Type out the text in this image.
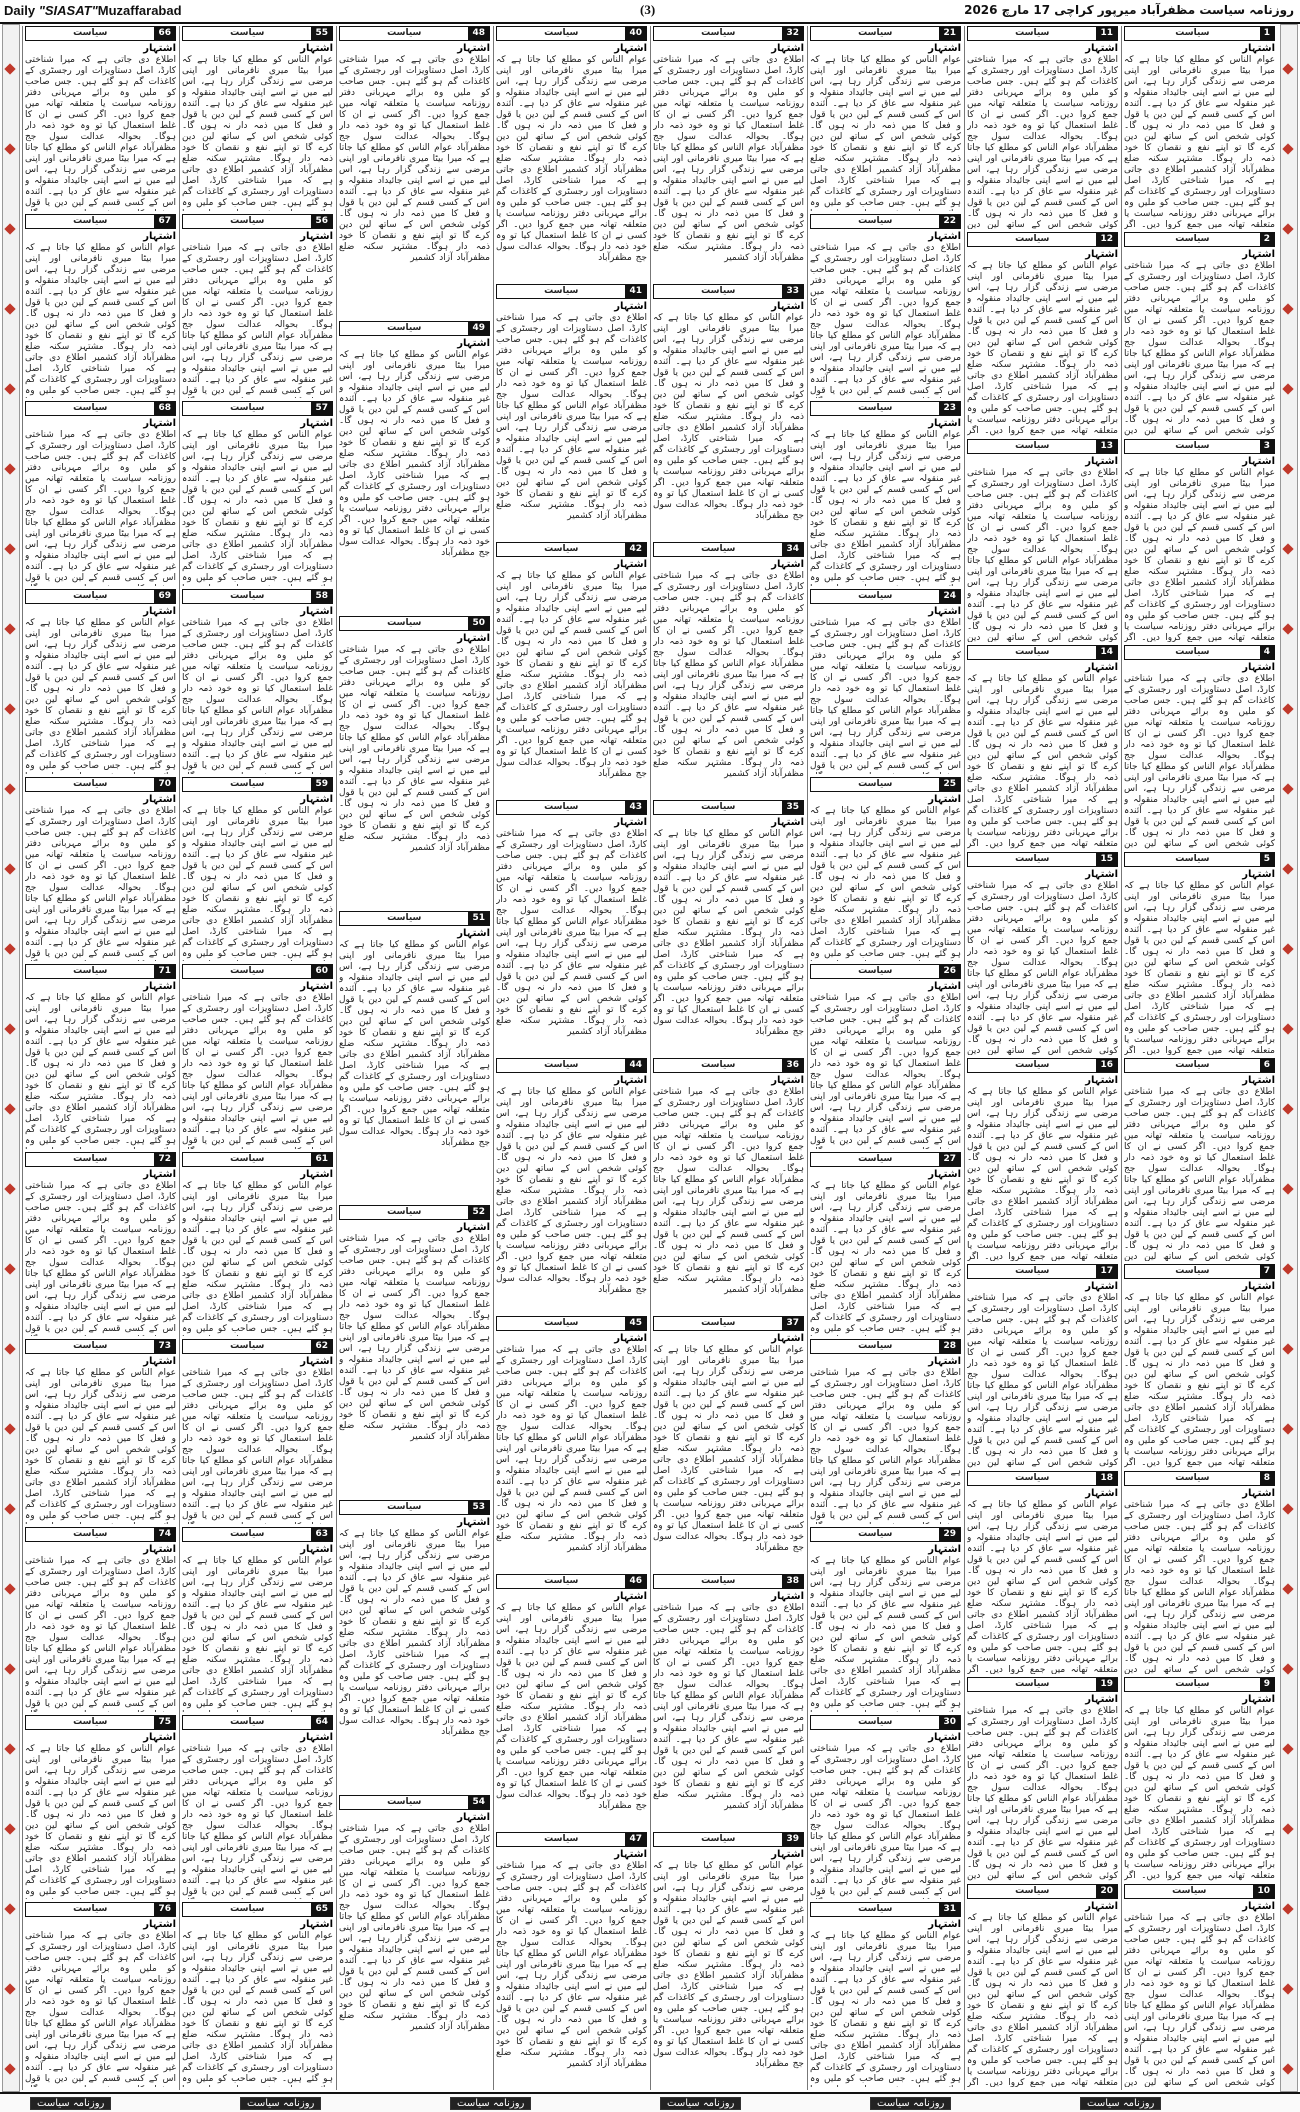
Daily "SIASAT"Muzaffarabad	(3)	روزنامہ سیاست مظفرآباد میرپور کراچی 17 مارچ 2026
سیاست	1
اشتہار
عوام الناس کو مطلع کیا جاتا ہے کہ میرا بیٹا میری نافرمانی اور اپنی مرضی سے زندگی گزار رہا ہے، اس لیے میں نے اسے اپنی جائیداد منقولہ و غیر منقولہ سے عاق کر دیا ہے۔ آئندہ اس کے کسی قسم کے لین دین یا قول و فعل کا میں ذمہ دار نہ ہوں گا۔ کوئی شخص اس کے ساتھ لین دین کرے گا تو اپنے نفع و نقصان کا خود ذمہ دار ہوگا۔ مشتہر سکنہ ضلع مظفرآباد آزاد کشمیر اطلاع دی جاتی ہے کہ میرا شناختی کارڈ، اصل دستاویزات اور رجسٹری کے کاغذات گم ہو گئے ہیں۔ جس صاحب کو ملیں وہ برائے مہربانی دفتر روزنامہ سیاست یا متعلقہ تھانہ میں جمع کروا دیں۔ اگر
سیاست	2
اشتہار
اطلاع دی جاتی ہے کہ میرا شناختی کارڈ، اصل دستاویزات اور رجسٹری کے کاغذات گم ہو گئے ہیں۔ جس صاحب کو ملیں وہ برائے مہربانی دفتر روزنامہ سیاست یا متعلقہ تھانہ میں جمع کروا دیں۔ اگر کسی نے ان کا غلط استعمال کیا تو وہ خود ذمہ دار ہوگا۔ بحوالہ عدالت سول جج مظفرآباد عوام الناس کو مطلع کیا جاتا ہے کہ میرا بیٹا میری نافرمانی اور اپنی مرضی سے زندگی گزار رہا ہے، اس لیے میں نے اسے اپنی جائیداد منقولہ و غیر منقولہ سے عاق کر دیا ہے۔ آئندہ اس کے کسی قسم کے لین دین یا قول و فعل کا میں ذمہ دار نہ ہوں گا۔ کوئی شخص اس کے ساتھ لین دین
سیاست	3
اشتہار
عوام الناس کو مطلع کیا جاتا ہے کہ میرا بیٹا میری نافرمانی اور اپنی مرضی سے زندگی گزار رہا ہے، اس لیے میں نے اسے اپنی جائیداد منقولہ و غیر منقولہ سے عاق کر دیا ہے۔ آئندہ اس کے کسی قسم کے لین دین یا قول و فعل کا میں ذمہ دار نہ ہوں گا۔ کوئی شخص اس کے ساتھ لین دین کرے گا تو اپنے نفع و نقصان کا خود ذمہ دار ہوگا۔ مشتہر سکنہ ضلع مظفرآباد آزاد کشمیر اطلاع دی جاتی ہے کہ میرا شناختی کارڈ، اصل دستاویزات اور رجسٹری کے کاغذات گم ہو گئے ہیں۔ جس صاحب کو ملیں وہ برائے مہربانی دفتر روزنامہ سیاست یا متعلقہ تھانہ میں جمع کروا دیں۔ اگر
سیاست	4
اشتہار
اطلاع دی جاتی ہے کہ میرا شناختی کارڈ، اصل دستاویزات اور رجسٹری کے کاغذات گم ہو گئے ہیں۔ جس صاحب کو ملیں وہ برائے مہربانی دفتر روزنامہ سیاست یا متعلقہ تھانہ میں جمع کروا دیں۔ اگر کسی نے ان کا غلط استعمال کیا تو وہ خود ذمہ دار ہوگا۔ بحوالہ عدالت سول جج مظفرآباد عوام الناس کو مطلع کیا جاتا ہے کہ میرا بیٹا میری نافرمانی اور اپنی مرضی سے زندگی گزار رہا ہے، اس لیے میں نے اسے اپنی جائیداد منقولہ و غیر منقولہ سے عاق کر دیا ہے۔ آئندہ اس کے کسی قسم کے لین دین یا قول و فعل کا میں ذمہ دار نہ ہوں گا۔ کوئی شخص اس کے ساتھ لین دین
سیاست	5
اشتہار
عوام الناس کو مطلع کیا جاتا ہے کہ میرا بیٹا میری نافرمانی اور اپنی مرضی سے زندگی گزار رہا ہے، اس لیے میں نے اسے اپنی جائیداد منقولہ و غیر منقولہ سے عاق کر دیا ہے۔ آئندہ اس کے کسی قسم کے لین دین یا قول و فعل کا میں ذمہ دار نہ ہوں گا۔ کوئی شخص اس کے ساتھ لین دین کرے گا تو اپنے نفع و نقصان کا خود ذمہ دار ہوگا۔ مشتہر سکنہ ضلع مظفرآباد آزاد کشمیر اطلاع دی جاتی ہے کہ میرا شناختی کارڈ، اصل دستاویزات اور رجسٹری کے کاغذات گم ہو گئے ہیں۔ جس صاحب کو ملیں وہ برائے مہربانی دفتر روزنامہ سیاست یا متعلقہ تھانہ میں جمع کروا دیں۔ اگر
سیاست	6
اشتہار
اطلاع دی جاتی ہے کہ میرا شناختی کارڈ، اصل دستاویزات اور رجسٹری کے کاغذات گم ہو گئے ہیں۔ جس صاحب کو ملیں وہ برائے مہربانی دفتر روزنامہ سیاست یا متعلقہ تھانہ میں جمع کروا دیں۔ اگر کسی نے ان کا غلط استعمال کیا تو وہ خود ذمہ دار ہوگا۔ بحوالہ عدالت سول جج مظفرآباد عوام الناس کو مطلع کیا جاتا ہے کہ میرا بیٹا میری نافرمانی اور اپنی مرضی سے زندگی گزار رہا ہے، اس لیے میں نے اسے اپنی جائیداد منقولہ و غیر منقولہ سے عاق کر دیا ہے۔ آئندہ اس کے کسی قسم کے لین دین یا قول و فعل کا میں ذمہ دار نہ ہوں گا۔ کوئی شخص اس کے ساتھ لین دین
سیاست	7
اشتہار
عوام الناس کو مطلع کیا جاتا ہے کہ میرا بیٹا میری نافرمانی اور اپنی مرضی سے زندگی گزار رہا ہے، اس لیے میں نے اسے اپنی جائیداد منقولہ و غیر منقولہ سے عاق کر دیا ہے۔ آئندہ اس کے کسی قسم کے لین دین یا قول و فعل کا میں ذمہ دار نہ ہوں گا۔ کوئی شخص اس کے ساتھ لین دین کرے گا تو اپنے نفع و نقصان کا خود ذمہ دار ہوگا۔ مشتہر سکنہ ضلع مظفرآباد آزاد کشمیر اطلاع دی جاتی ہے کہ میرا شناختی کارڈ، اصل دستاویزات اور رجسٹری کے کاغذات گم ہو گئے ہیں۔ جس صاحب کو ملیں وہ برائے مہربانی دفتر روزنامہ سیاست یا متعلقہ تھانہ میں جمع کروا دیں۔ اگر
سیاست	8
اشتہار
اطلاع دی جاتی ہے کہ میرا شناختی کارڈ، اصل دستاویزات اور رجسٹری کے کاغذات گم ہو گئے ہیں۔ جس صاحب کو ملیں وہ برائے مہربانی دفتر روزنامہ سیاست یا متعلقہ تھانہ میں جمع کروا دیں۔ اگر کسی نے ان کا غلط استعمال کیا تو وہ خود ذمہ دار ہوگا۔ بحوالہ عدالت سول جج مظفرآباد عوام الناس کو مطلع کیا جاتا ہے کہ میرا بیٹا میری نافرمانی اور اپنی مرضی سے زندگی گزار رہا ہے، اس لیے میں نے اسے اپنی جائیداد منقولہ و غیر منقولہ سے عاق کر دیا ہے۔ آئندہ اس کے کسی قسم کے لین دین یا قول و فعل کا میں ذمہ دار نہ ہوں گا۔ کوئی شخص اس کے ساتھ لین دین
سیاست	9
اشتہار
عوام الناس کو مطلع کیا جاتا ہے کہ میرا بیٹا میری نافرمانی اور اپنی مرضی سے زندگی گزار رہا ہے، اس لیے میں نے اسے اپنی جائیداد منقولہ و غیر منقولہ سے عاق کر دیا ہے۔ آئندہ اس کے کسی قسم کے لین دین یا قول و فعل کا میں ذمہ دار نہ ہوں گا۔ کوئی شخص اس کے ساتھ لین دین کرے گا تو اپنے نفع و نقصان کا خود ذمہ دار ہوگا۔ مشتہر سکنہ ضلع مظفرآباد آزاد کشمیر اطلاع دی جاتی ہے کہ میرا شناختی کارڈ، اصل دستاویزات اور رجسٹری کے کاغذات گم ہو گئے ہیں۔ جس صاحب کو ملیں وہ برائے مہربانی دفتر روزنامہ سیاست یا متعلقہ تھانہ میں جمع کروا دیں۔ اگر
سیاست	10
اشتہار
اطلاع دی جاتی ہے کہ میرا شناختی کارڈ، اصل دستاویزات اور رجسٹری کے کاغذات گم ہو گئے ہیں۔ جس صاحب کو ملیں وہ برائے مہربانی دفتر روزنامہ سیاست یا متعلقہ تھانہ میں جمع کروا دیں۔ اگر کسی نے ان کا غلط استعمال کیا تو وہ خود ذمہ دار ہوگا۔ بحوالہ عدالت سول جج مظفرآباد عوام الناس کو مطلع کیا جاتا ہے کہ میرا بیٹا میری نافرمانی اور اپنی مرضی سے زندگی گزار رہا ہے، اس لیے میں نے اسے اپنی جائیداد منقولہ و غیر منقولہ سے عاق کر دیا ہے۔ آئندہ اس کے کسی قسم کے لین دین یا قول و فعل کا میں ذمہ دار نہ ہوں گا۔ کوئی شخص اس کے ساتھ لین دین
سیاست	11
اشتہار
اطلاع دی جاتی ہے کہ میرا شناختی کارڈ، اصل دستاویزات اور رجسٹری کے کاغذات گم ہو گئے ہیں۔ جس صاحب کو ملیں وہ برائے مہربانی دفتر روزنامہ سیاست یا متعلقہ تھانہ میں جمع کروا دیں۔ اگر کسی نے ان کا غلط استعمال کیا تو وہ خود ذمہ دار ہوگا۔ بحوالہ عدالت سول جج مظفرآباد عوام الناس کو مطلع کیا جاتا ہے کہ میرا بیٹا میری نافرمانی اور اپنی مرضی سے زندگی گزار رہا ہے، اس لیے میں نے اسے اپنی جائیداد منقولہ و غیر منقولہ سے عاق کر دیا ہے۔ آئندہ اس کے کسی قسم کے لین دین یا قول و فعل کا میں ذمہ دار نہ ہوں گا۔ کوئی شخص اس کے ساتھ لین دین
سیاست	12
اشتہار
عوام الناس کو مطلع کیا جاتا ہے کہ میرا بیٹا میری نافرمانی اور اپنی مرضی سے زندگی گزار رہا ہے، اس لیے میں نے اسے اپنی جائیداد منقولہ و غیر منقولہ سے عاق کر دیا ہے۔ آئندہ اس کے کسی قسم کے لین دین یا قول و فعل کا میں ذمہ دار نہ ہوں گا۔ کوئی شخص اس کے ساتھ لین دین کرے گا تو اپنے نفع و نقصان کا خود ذمہ دار ہوگا۔ مشتہر سکنہ ضلع مظفرآباد آزاد کشمیر اطلاع دی جاتی ہے کہ میرا شناختی کارڈ، اصل دستاویزات اور رجسٹری کے کاغذات گم ہو گئے ہیں۔ جس صاحب کو ملیں وہ برائے مہربانی دفتر روزنامہ سیاست یا متعلقہ تھانہ میں جمع کروا دیں۔ اگر
سیاست	13
اشتہار
اطلاع دی جاتی ہے کہ میرا شناختی کارڈ، اصل دستاویزات اور رجسٹری کے کاغذات گم ہو گئے ہیں۔ جس صاحب کو ملیں وہ برائے مہربانی دفتر روزنامہ سیاست یا متعلقہ تھانہ میں جمع کروا دیں۔ اگر کسی نے ان کا غلط استعمال کیا تو وہ خود ذمہ دار ہوگا۔ بحوالہ عدالت سول جج مظفرآباد عوام الناس کو مطلع کیا جاتا ہے کہ میرا بیٹا میری نافرمانی اور اپنی مرضی سے زندگی گزار رہا ہے، اس لیے میں نے اسے اپنی جائیداد منقولہ و غیر منقولہ سے عاق کر دیا ہے۔ آئندہ اس کے کسی قسم کے لین دین یا قول و فعل کا میں ذمہ دار نہ ہوں گا۔ کوئی شخص اس کے ساتھ لین دین
سیاست	14
اشتہار
عوام الناس کو مطلع کیا جاتا ہے کہ میرا بیٹا میری نافرمانی اور اپنی مرضی سے زندگی گزار رہا ہے، اس لیے میں نے اسے اپنی جائیداد منقولہ و غیر منقولہ سے عاق کر دیا ہے۔ آئندہ اس کے کسی قسم کے لین دین یا قول و فعل کا میں ذمہ دار نہ ہوں گا۔ کوئی شخص اس کے ساتھ لین دین کرے گا تو اپنے نفع و نقصان کا خود ذمہ دار ہوگا۔ مشتہر سکنہ ضلع مظفرآباد آزاد کشمیر اطلاع دی جاتی ہے کہ میرا شناختی کارڈ، اصل دستاویزات اور رجسٹری کے کاغذات گم ہو گئے ہیں۔ جس صاحب کو ملیں وہ برائے مہربانی دفتر روزنامہ سیاست یا متعلقہ تھانہ میں جمع کروا دیں۔ اگر
سیاست	15
اشتہار
اطلاع دی جاتی ہے کہ میرا شناختی کارڈ، اصل دستاویزات اور رجسٹری کے کاغذات گم ہو گئے ہیں۔ جس صاحب کو ملیں وہ برائے مہربانی دفتر روزنامہ سیاست یا متعلقہ تھانہ میں جمع کروا دیں۔ اگر کسی نے ان کا غلط استعمال کیا تو وہ خود ذمہ دار ہوگا۔ بحوالہ عدالت سول جج مظفرآباد عوام الناس کو مطلع کیا جاتا ہے کہ میرا بیٹا میری نافرمانی اور اپنی مرضی سے زندگی گزار رہا ہے، اس لیے میں نے اسے اپنی جائیداد منقولہ و غیر منقولہ سے عاق کر دیا ہے۔ آئندہ اس کے کسی قسم کے لین دین یا قول و فعل کا میں ذمہ دار نہ ہوں گا۔ کوئی شخص اس کے ساتھ لین دین
سیاست	16
اشتہار
عوام الناس کو مطلع کیا جاتا ہے کہ میرا بیٹا میری نافرمانی اور اپنی مرضی سے زندگی گزار رہا ہے، اس لیے میں نے اسے اپنی جائیداد منقولہ و غیر منقولہ سے عاق کر دیا ہے۔ آئندہ اس کے کسی قسم کے لین دین یا قول و فعل کا میں ذمہ دار نہ ہوں گا۔ کوئی شخص اس کے ساتھ لین دین کرے گا تو اپنے نفع و نقصان کا خود ذمہ دار ہوگا۔ مشتہر سکنہ ضلع مظفرآباد آزاد کشمیر اطلاع دی جاتی ہے کہ میرا شناختی کارڈ، اصل دستاویزات اور رجسٹری کے کاغذات گم ہو گئے ہیں۔ جس صاحب کو ملیں وہ برائے مہربانی دفتر روزنامہ سیاست یا متعلقہ تھانہ میں جمع کروا دیں۔ اگر
سیاست	17
اشتہار
اطلاع دی جاتی ہے کہ میرا شناختی کارڈ، اصل دستاویزات اور رجسٹری کے کاغذات گم ہو گئے ہیں۔ جس صاحب کو ملیں وہ برائے مہربانی دفتر روزنامہ سیاست یا متعلقہ تھانہ میں جمع کروا دیں۔ اگر کسی نے ان کا غلط استعمال کیا تو وہ خود ذمہ دار ہوگا۔ بحوالہ عدالت سول جج مظفرآباد عوام الناس کو مطلع کیا جاتا ہے کہ میرا بیٹا میری نافرمانی اور اپنی مرضی سے زندگی گزار رہا ہے، اس لیے میں نے اسے اپنی جائیداد منقولہ و غیر منقولہ سے عاق کر دیا ہے۔ آئندہ اس کے کسی قسم کے لین دین یا قول و فعل کا میں ذمہ دار نہ ہوں گا۔ کوئی شخص اس کے ساتھ لین دین
سیاست	18
اشتہار
عوام الناس کو مطلع کیا جاتا ہے کہ میرا بیٹا میری نافرمانی اور اپنی مرضی سے زندگی گزار رہا ہے، اس لیے میں نے اسے اپنی جائیداد منقولہ و غیر منقولہ سے عاق کر دیا ہے۔ آئندہ اس کے کسی قسم کے لین دین یا قول و فعل کا میں ذمہ دار نہ ہوں گا۔ کوئی شخص اس کے ساتھ لین دین کرے گا تو اپنے نفع و نقصان کا خود ذمہ دار ہوگا۔ مشتہر سکنہ ضلع مظفرآباد آزاد کشمیر اطلاع دی جاتی ہے کہ میرا شناختی کارڈ، اصل دستاویزات اور رجسٹری کے کاغذات گم ہو گئے ہیں۔ جس صاحب کو ملیں وہ برائے مہربانی دفتر روزنامہ سیاست یا متعلقہ تھانہ میں جمع کروا دیں۔ اگر
سیاست	19
اشتہار
اطلاع دی جاتی ہے کہ میرا شناختی کارڈ، اصل دستاویزات اور رجسٹری کے کاغذات گم ہو گئے ہیں۔ جس صاحب کو ملیں وہ برائے مہربانی دفتر روزنامہ سیاست یا متعلقہ تھانہ میں جمع کروا دیں۔ اگر کسی نے ان کا غلط استعمال کیا تو وہ خود ذمہ دار ہوگا۔ بحوالہ عدالت سول جج مظفرآباد عوام الناس کو مطلع کیا جاتا ہے کہ میرا بیٹا میری نافرمانی اور اپنی مرضی سے زندگی گزار رہا ہے، اس لیے میں نے اسے اپنی جائیداد منقولہ و غیر منقولہ سے عاق کر دیا ہے۔ آئندہ اس کے کسی قسم کے لین دین یا قول و فعل کا میں ذمہ دار نہ ہوں گا۔ کوئی شخص اس کے ساتھ لین دین
سیاست	20
اشتہار
عوام الناس کو مطلع کیا جاتا ہے کہ میرا بیٹا میری نافرمانی اور اپنی مرضی سے زندگی گزار رہا ہے، اس لیے میں نے اسے اپنی جائیداد منقولہ و غیر منقولہ سے عاق کر دیا ہے۔ آئندہ اس کے کسی قسم کے لین دین یا قول و فعل کا میں ذمہ دار نہ ہوں گا۔ کوئی شخص اس کے ساتھ لین دین کرے گا تو اپنے نفع و نقصان کا خود ذمہ دار ہوگا۔ مشتہر سکنہ ضلع مظفرآباد آزاد کشمیر اطلاع دی جاتی ہے کہ میرا شناختی کارڈ، اصل دستاویزات اور رجسٹری کے کاغذات گم ہو گئے ہیں۔ جس صاحب کو ملیں وہ برائے مہربانی دفتر روزنامہ سیاست یا متعلقہ تھانہ میں جمع کروا دیں۔ اگر
سیاست	21
اشتہار
عوام الناس کو مطلع کیا جاتا ہے کہ میرا بیٹا میری نافرمانی اور اپنی مرضی سے زندگی گزار رہا ہے، اس لیے میں نے اسے اپنی جائیداد منقولہ و غیر منقولہ سے عاق کر دیا ہے۔ آئندہ اس کے کسی قسم کے لین دین یا قول و فعل کا میں ذمہ دار نہ ہوں گا۔ کوئی شخص اس کے ساتھ لین دین کرے گا تو اپنے نفع و نقصان کا خود ذمہ دار ہوگا۔ مشتہر سکنہ ضلع مظفرآباد آزاد کشمیر اطلاع دی جاتی ہے کہ میرا شناختی کارڈ، اصل دستاویزات اور رجسٹری کے کاغذات گم ہو گئے ہیں۔ جس صاحب کو ملیں وہ
سیاست	22
اشتہار
اطلاع دی جاتی ہے کہ میرا شناختی کارڈ، اصل دستاویزات اور رجسٹری کے کاغذات گم ہو گئے ہیں۔ جس صاحب کو ملیں وہ برائے مہربانی دفتر روزنامہ سیاست یا متعلقہ تھانہ میں جمع کروا دیں۔ اگر کسی نے ان کا غلط استعمال کیا تو وہ خود ذمہ دار ہوگا۔ بحوالہ عدالت سول جج مظفرآباد عوام الناس کو مطلع کیا جاتا ہے کہ میرا بیٹا میری نافرمانی اور اپنی مرضی سے زندگی گزار رہا ہے، اس لیے میں نے اسے اپنی جائیداد منقولہ و غیر منقولہ سے عاق کر دیا ہے۔ آئندہ اس کے کسی قسم کے لین دین یا قول
سیاست	23
اشتہار
عوام الناس کو مطلع کیا جاتا ہے کہ میرا بیٹا میری نافرمانی اور اپنی مرضی سے زندگی گزار رہا ہے، اس لیے میں نے اسے اپنی جائیداد منقولہ و غیر منقولہ سے عاق کر دیا ہے۔ آئندہ اس کے کسی قسم کے لین دین یا قول و فعل کا میں ذمہ دار نہ ہوں گا۔ کوئی شخص اس کے ساتھ لین دین کرے گا تو اپنے نفع و نقصان کا خود ذمہ دار ہوگا۔ مشتہر سکنہ ضلع مظفرآباد آزاد کشمیر اطلاع دی جاتی ہے کہ میرا شناختی کارڈ، اصل دستاویزات اور رجسٹری کے کاغذات گم ہو گئے ہیں۔ جس صاحب کو ملیں وہ
سیاست	24
اشتہار
اطلاع دی جاتی ہے کہ میرا شناختی کارڈ، اصل دستاویزات اور رجسٹری کے کاغذات گم ہو گئے ہیں۔ جس صاحب کو ملیں وہ برائے مہربانی دفتر روزنامہ سیاست یا متعلقہ تھانہ میں جمع کروا دیں۔ اگر کسی نے ان کا غلط استعمال کیا تو وہ خود ذمہ دار ہوگا۔ بحوالہ عدالت سول جج مظفرآباد عوام الناس کو مطلع کیا جاتا ہے کہ میرا بیٹا میری نافرمانی اور اپنی مرضی سے زندگی گزار رہا ہے، اس لیے میں نے اسے اپنی جائیداد منقولہ و غیر منقولہ سے عاق کر دیا ہے۔ آئندہ اس کے کسی قسم کے لین دین یا قول
سیاست	25
اشتہار
عوام الناس کو مطلع کیا جاتا ہے کہ میرا بیٹا میری نافرمانی اور اپنی مرضی سے زندگی گزار رہا ہے، اس لیے میں نے اسے اپنی جائیداد منقولہ و غیر منقولہ سے عاق کر دیا ہے۔ آئندہ اس کے کسی قسم کے لین دین یا قول و فعل کا میں ذمہ دار نہ ہوں گا۔ کوئی شخص اس کے ساتھ لین دین کرے گا تو اپنے نفع و نقصان کا خود ذمہ دار ہوگا۔ مشتہر سکنہ ضلع مظفرآباد آزاد کشمیر اطلاع دی جاتی ہے کہ میرا شناختی کارڈ، اصل دستاویزات اور رجسٹری کے کاغذات گم ہو گئے ہیں۔ جس صاحب کو ملیں وہ
سیاست	26
اشتہار
اطلاع دی جاتی ہے کہ میرا شناختی کارڈ، اصل دستاویزات اور رجسٹری کے کاغذات گم ہو گئے ہیں۔ جس صاحب کو ملیں وہ برائے مہربانی دفتر روزنامہ سیاست یا متعلقہ تھانہ میں جمع کروا دیں۔ اگر کسی نے ان کا غلط استعمال کیا تو وہ خود ذمہ دار ہوگا۔ بحوالہ عدالت سول جج مظفرآباد عوام الناس کو مطلع کیا جاتا ہے کہ میرا بیٹا میری نافرمانی اور اپنی مرضی سے زندگی گزار رہا ہے، اس لیے میں نے اسے اپنی جائیداد منقولہ و غیر منقولہ سے عاق کر دیا ہے۔ آئندہ اس کے کسی قسم کے لین دین یا قول
سیاست	27
اشتہار
عوام الناس کو مطلع کیا جاتا ہے کہ میرا بیٹا میری نافرمانی اور اپنی مرضی سے زندگی گزار رہا ہے، اس لیے میں نے اسے اپنی جائیداد منقولہ و غیر منقولہ سے عاق کر دیا ہے۔ آئندہ اس کے کسی قسم کے لین دین یا قول و فعل کا میں ذمہ دار نہ ہوں گا۔ کوئی شخص اس کے ساتھ لین دین کرے گا تو اپنے نفع و نقصان کا خود ذمہ دار ہوگا۔ مشتہر سکنہ ضلع مظفرآباد آزاد کشمیر اطلاع دی جاتی ہے کہ میرا شناختی کارڈ، اصل دستاویزات اور رجسٹری کے کاغذات گم ہو گئے ہیں۔ جس صاحب کو ملیں وہ
سیاست	28
اشتہار
اطلاع دی جاتی ہے کہ میرا شناختی کارڈ، اصل دستاویزات اور رجسٹری کے کاغذات گم ہو گئے ہیں۔ جس صاحب کو ملیں وہ برائے مہربانی دفتر روزنامہ سیاست یا متعلقہ تھانہ میں جمع کروا دیں۔ اگر کسی نے ان کا غلط استعمال کیا تو وہ خود ذمہ دار ہوگا۔ بحوالہ عدالت سول جج مظفرآباد عوام الناس کو مطلع کیا جاتا ہے کہ میرا بیٹا میری نافرمانی اور اپنی مرضی سے زندگی گزار رہا ہے، اس لیے میں نے اسے اپنی جائیداد منقولہ و غیر منقولہ سے عاق کر دیا ہے۔ آئندہ اس کے کسی قسم کے لین دین یا قول
سیاست	29
اشتہار
عوام الناس کو مطلع کیا جاتا ہے کہ میرا بیٹا میری نافرمانی اور اپنی مرضی سے زندگی گزار رہا ہے، اس لیے میں نے اسے اپنی جائیداد منقولہ و غیر منقولہ سے عاق کر دیا ہے۔ آئندہ اس کے کسی قسم کے لین دین یا قول و فعل کا میں ذمہ دار نہ ہوں گا۔ کوئی شخص اس کے ساتھ لین دین کرے گا تو اپنے نفع و نقصان کا خود ذمہ دار ہوگا۔ مشتہر سکنہ ضلع مظفرآباد آزاد کشمیر اطلاع دی جاتی ہے کہ میرا شناختی کارڈ، اصل دستاویزات اور رجسٹری کے کاغذات گم ہو گئے ہیں۔ جس صاحب کو ملیں وہ
سیاست	30
اشتہار
اطلاع دی جاتی ہے کہ میرا شناختی کارڈ، اصل دستاویزات اور رجسٹری کے کاغذات گم ہو گئے ہیں۔ جس صاحب کو ملیں وہ برائے مہربانی دفتر روزنامہ سیاست یا متعلقہ تھانہ میں جمع کروا دیں۔ اگر کسی نے ان کا غلط استعمال کیا تو وہ خود ذمہ دار ہوگا۔ بحوالہ عدالت سول جج مظفرآباد عوام الناس کو مطلع کیا جاتا ہے کہ میرا بیٹا میری نافرمانی اور اپنی مرضی سے زندگی گزار رہا ہے، اس لیے میں نے اسے اپنی جائیداد منقولہ و غیر منقولہ سے عاق کر دیا ہے۔ آئندہ اس کے کسی قسم کے لین دین یا قول
سیاست	31
اشتہار
عوام الناس کو مطلع کیا جاتا ہے کہ میرا بیٹا میری نافرمانی اور اپنی مرضی سے زندگی گزار رہا ہے، اس لیے میں نے اسے اپنی جائیداد منقولہ و غیر منقولہ سے عاق کر دیا ہے۔ آئندہ اس کے کسی قسم کے لین دین یا قول و فعل کا میں ذمہ دار نہ ہوں گا۔ کوئی شخص اس کے ساتھ لین دین کرے گا تو اپنے نفع و نقصان کا خود ذمہ دار ہوگا۔ مشتہر سکنہ ضلع مظفرآباد آزاد کشمیر اطلاع دی جاتی ہے کہ میرا شناختی کارڈ، اصل دستاویزات اور رجسٹری کے کاغذات گم ہو گئے ہیں۔ جس صاحب کو ملیں وہ
سیاست	32
اشتہار
اطلاع دی جاتی ہے کہ میرا شناختی کارڈ، اصل دستاویزات اور رجسٹری کے کاغذات گم ہو گئے ہیں۔ جس صاحب کو ملیں وہ برائے مہربانی دفتر روزنامہ سیاست یا متعلقہ تھانہ میں جمع کروا دیں۔ اگر کسی نے ان کا غلط استعمال کیا تو وہ خود ذمہ دار ہوگا۔ بحوالہ عدالت سول جج مظفرآباد عوام الناس کو مطلع کیا جاتا ہے کہ میرا بیٹا میری نافرمانی اور اپنی مرضی سے زندگی گزار رہا ہے، اس لیے میں نے اسے اپنی جائیداد منقولہ و غیر منقولہ سے عاق کر دیا ہے۔ آئندہ اس کے کسی قسم کے لین دین یا قول و فعل کا میں ذمہ دار نہ ہوں گا۔ کوئی شخص اس کے ساتھ لین دین کرے گا تو اپنے نفع و نقصان کا خود ذمہ دار ہوگا۔ مشتہر سکنہ ضلع مظفرآباد آزاد کشمیر
سیاست	33
اشتہار
عوام الناس کو مطلع کیا جاتا ہے کہ میرا بیٹا میری نافرمانی اور اپنی مرضی سے زندگی گزار رہا ہے، اس لیے میں نے اسے اپنی جائیداد منقولہ و غیر منقولہ سے عاق کر دیا ہے۔ آئندہ اس کے کسی قسم کے لین دین یا قول و فعل کا میں ذمہ دار نہ ہوں گا۔ کوئی شخص اس کے ساتھ لین دین کرے گا تو اپنے نفع و نقصان کا خود ذمہ دار ہوگا۔ مشتہر سکنہ ضلع مظفرآباد آزاد کشمیر اطلاع دی جاتی ہے کہ میرا شناختی کارڈ، اصل دستاویزات اور رجسٹری کے کاغذات گم ہو گئے ہیں۔ جس صاحب کو ملیں وہ برائے مہربانی دفتر روزنامہ سیاست یا متعلقہ تھانہ میں جمع کروا دیں۔ اگر کسی نے ان کا غلط استعمال کیا تو وہ خود ذمہ دار ہوگا۔ بحوالہ عدالت سول جج مظفرآباد
سیاست	34
اشتہار
اطلاع دی جاتی ہے کہ میرا شناختی کارڈ، اصل دستاویزات اور رجسٹری کے کاغذات گم ہو گئے ہیں۔ جس صاحب کو ملیں وہ برائے مہربانی دفتر روزنامہ سیاست یا متعلقہ تھانہ میں جمع کروا دیں۔ اگر کسی نے ان کا غلط استعمال کیا تو وہ خود ذمہ دار ہوگا۔ بحوالہ عدالت سول جج مظفرآباد عوام الناس کو مطلع کیا جاتا ہے کہ میرا بیٹا میری نافرمانی اور اپنی مرضی سے زندگی گزار رہا ہے، اس لیے میں نے اسے اپنی جائیداد منقولہ و غیر منقولہ سے عاق کر دیا ہے۔ آئندہ اس کے کسی قسم کے لین دین یا قول و فعل کا میں ذمہ دار نہ ہوں گا۔ کوئی شخص اس کے ساتھ لین دین کرے گا تو اپنے نفع و نقصان کا خود ذمہ دار ہوگا۔ مشتہر سکنہ ضلع مظفرآباد آزاد کشمیر
سیاست	35
اشتہار
عوام الناس کو مطلع کیا جاتا ہے کہ میرا بیٹا میری نافرمانی اور اپنی مرضی سے زندگی گزار رہا ہے، اس لیے میں نے اسے اپنی جائیداد منقولہ و غیر منقولہ سے عاق کر دیا ہے۔ آئندہ اس کے کسی قسم کے لین دین یا قول و فعل کا میں ذمہ دار نہ ہوں گا۔ کوئی شخص اس کے ساتھ لین دین کرے گا تو اپنے نفع و نقصان کا خود ذمہ دار ہوگا۔ مشتہر سکنہ ضلع مظفرآباد آزاد کشمیر اطلاع دی جاتی ہے کہ میرا شناختی کارڈ، اصل دستاویزات اور رجسٹری کے کاغذات گم ہو گئے ہیں۔ جس صاحب کو ملیں وہ برائے مہربانی دفتر روزنامہ سیاست یا متعلقہ تھانہ میں جمع کروا دیں۔ اگر کسی نے ان کا غلط استعمال کیا تو وہ خود ذمہ دار ہوگا۔ بحوالہ عدالت سول جج مظفرآباد
سیاست	36
اشتہار
اطلاع دی جاتی ہے کہ میرا شناختی کارڈ، اصل دستاویزات اور رجسٹری کے کاغذات گم ہو گئے ہیں۔ جس صاحب کو ملیں وہ برائے مہربانی دفتر روزنامہ سیاست یا متعلقہ تھانہ میں جمع کروا دیں۔ اگر کسی نے ان کا غلط استعمال کیا تو وہ خود ذمہ دار ہوگا۔ بحوالہ عدالت سول جج مظفرآباد عوام الناس کو مطلع کیا جاتا ہے کہ میرا بیٹا میری نافرمانی اور اپنی مرضی سے زندگی گزار رہا ہے، اس لیے میں نے اسے اپنی جائیداد منقولہ و غیر منقولہ سے عاق کر دیا ہے۔ آئندہ اس کے کسی قسم کے لین دین یا قول و فعل کا میں ذمہ دار نہ ہوں گا۔ کوئی شخص اس کے ساتھ لین دین کرے گا تو اپنے نفع و نقصان کا خود ذمہ دار ہوگا۔ مشتہر سکنہ ضلع مظفرآباد آزاد کشمیر
سیاست	37
اشتہار
عوام الناس کو مطلع کیا جاتا ہے کہ میرا بیٹا میری نافرمانی اور اپنی مرضی سے زندگی گزار رہا ہے، اس لیے میں نے اسے اپنی جائیداد منقولہ و غیر منقولہ سے عاق کر دیا ہے۔ آئندہ اس کے کسی قسم کے لین دین یا قول و فعل کا میں ذمہ دار نہ ہوں گا۔ کوئی شخص اس کے ساتھ لین دین کرے گا تو اپنے نفع و نقصان کا خود ذمہ دار ہوگا۔ مشتہر سکنہ ضلع مظفرآباد آزاد کشمیر اطلاع دی جاتی ہے کہ میرا شناختی کارڈ، اصل دستاویزات اور رجسٹری کے کاغذات گم ہو گئے ہیں۔ جس صاحب کو ملیں وہ برائے مہربانی دفتر روزنامہ سیاست یا متعلقہ تھانہ میں جمع کروا دیں۔ اگر کسی نے ان کا غلط استعمال کیا تو وہ خود ذمہ دار ہوگا۔ بحوالہ عدالت سول جج مظفرآباد
سیاست	38
اشتہار
اطلاع دی جاتی ہے کہ میرا شناختی کارڈ، اصل دستاویزات اور رجسٹری کے کاغذات گم ہو گئے ہیں۔ جس صاحب کو ملیں وہ برائے مہربانی دفتر روزنامہ سیاست یا متعلقہ تھانہ میں جمع کروا دیں۔ اگر کسی نے ان کا غلط استعمال کیا تو وہ خود ذمہ دار ہوگا۔ بحوالہ عدالت سول جج مظفرآباد عوام الناس کو مطلع کیا جاتا ہے کہ میرا بیٹا میری نافرمانی اور اپنی مرضی سے زندگی گزار رہا ہے، اس لیے میں نے اسے اپنی جائیداد منقولہ و غیر منقولہ سے عاق کر دیا ہے۔ آئندہ اس کے کسی قسم کے لین دین یا قول و فعل کا میں ذمہ دار نہ ہوں گا۔ کوئی شخص اس کے ساتھ لین دین کرے گا تو اپنے نفع و نقصان کا خود ذمہ دار ہوگا۔ مشتہر سکنہ ضلع مظفرآباد آزاد کشمیر
سیاست	39
اشتہار
عوام الناس کو مطلع کیا جاتا ہے کہ میرا بیٹا میری نافرمانی اور اپنی مرضی سے زندگی گزار رہا ہے، اس لیے میں نے اسے اپنی جائیداد منقولہ و غیر منقولہ سے عاق کر دیا ہے۔ آئندہ اس کے کسی قسم کے لین دین یا قول و فعل کا میں ذمہ دار نہ ہوں گا۔ کوئی شخص اس کے ساتھ لین دین کرے گا تو اپنے نفع و نقصان کا خود ذمہ دار ہوگا۔ مشتہر سکنہ ضلع مظفرآباد آزاد کشمیر اطلاع دی جاتی ہے کہ میرا شناختی کارڈ، اصل دستاویزات اور رجسٹری کے کاغذات گم ہو گئے ہیں۔ جس صاحب کو ملیں وہ برائے مہربانی دفتر روزنامہ سیاست یا متعلقہ تھانہ میں جمع کروا دیں۔ اگر کسی نے ان کا غلط استعمال کیا تو وہ خود ذمہ دار ہوگا۔ بحوالہ عدالت سول جج مظفرآباد
سیاست	40
اشتہار
عوام الناس کو مطلع کیا جاتا ہے کہ میرا بیٹا میری نافرمانی اور اپنی مرضی سے زندگی گزار رہا ہے، اس لیے میں نے اسے اپنی جائیداد منقولہ و غیر منقولہ سے عاق کر دیا ہے۔ آئندہ اس کے کسی قسم کے لین دین یا قول و فعل کا میں ذمہ دار نہ ہوں گا۔ کوئی شخص اس کے ساتھ لین دین کرے گا تو اپنے نفع و نقصان کا خود ذمہ دار ہوگا۔ مشتہر سکنہ ضلع مظفرآباد آزاد کشمیر اطلاع دی جاتی ہے کہ میرا شناختی کارڈ، اصل دستاویزات اور رجسٹری کے کاغذات گم ہو گئے ہیں۔ جس صاحب کو ملیں وہ برائے مہربانی دفتر روزنامہ سیاست یا متعلقہ تھانہ میں جمع کروا دیں۔ اگر کسی نے ان کا غلط استعمال کیا تو وہ خود ذمہ دار ہوگا۔ بحوالہ عدالت سول جج مظفرآباد
سیاست	41
اشتہار
اطلاع دی جاتی ہے کہ میرا شناختی کارڈ، اصل دستاویزات اور رجسٹری کے کاغذات گم ہو گئے ہیں۔ جس صاحب کو ملیں وہ برائے مہربانی دفتر روزنامہ سیاست یا متعلقہ تھانہ میں جمع کروا دیں۔ اگر کسی نے ان کا غلط استعمال کیا تو وہ خود ذمہ دار ہوگا۔ بحوالہ عدالت سول جج مظفرآباد عوام الناس کو مطلع کیا جاتا ہے کہ میرا بیٹا میری نافرمانی اور اپنی مرضی سے زندگی گزار رہا ہے، اس لیے میں نے اسے اپنی جائیداد منقولہ و غیر منقولہ سے عاق کر دیا ہے۔ آئندہ اس کے کسی قسم کے لین دین یا قول و فعل کا میں ذمہ دار نہ ہوں گا۔ کوئی شخص اس کے ساتھ لین دین کرے گا تو اپنے نفع و نقصان کا خود ذمہ دار ہوگا۔ مشتہر سکنہ ضلع مظفرآباد آزاد کشمیر
سیاست	42
اشتہار
عوام الناس کو مطلع کیا جاتا ہے کہ میرا بیٹا میری نافرمانی اور اپنی مرضی سے زندگی گزار رہا ہے، اس لیے میں نے اسے اپنی جائیداد منقولہ و غیر منقولہ سے عاق کر دیا ہے۔ آئندہ اس کے کسی قسم کے لین دین یا قول و فعل کا میں ذمہ دار نہ ہوں گا۔ کوئی شخص اس کے ساتھ لین دین کرے گا تو اپنے نفع و نقصان کا خود ذمہ دار ہوگا۔ مشتہر سکنہ ضلع مظفرآباد آزاد کشمیر اطلاع دی جاتی ہے کہ میرا شناختی کارڈ، اصل دستاویزات اور رجسٹری کے کاغذات گم ہو گئے ہیں۔ جس صاحب کو ملیں وہ برائے مہربانی دفتر روزنامہ سیاست یا متعلقہ تھانہ میں جمع کروا دیں۔ اگر کسی نے ان کا غلط استعمال کیا تو وہ خود ذمہ دار ہوگا۔ بحوالہ عدالت سول جج مظفرآباد
سیاست	43
اشتہار
اطلاع دی جاتی ہے کہ میرا شناختی کارڈ، اصل دستاویزات اور رجسٹری کے کاغذات گم ہو گئے ہیں۔ جس صاحب کو ملیں وہ برائے مہربانی دفتر روزنامہ سیاست یا متعلقہ تھانہ میں جمع کروا دیں۔ اگر کسی نے ان کا غلط استعمال کیا تو وہ خود ذمہ دار ہوگا۔ بحوالہ عدالت سول جج مظفرآباد عوام الناس کو مطلع کیا جاتا ہے کہ میرا بیٹا میری نافرمانی اور اپنی مرضی سے زندگی گزار رہا ہے، اس لیے میں نے اسے اپنی جائیداد منقولہ و غیر منقولہ سے عاق کر دیا ہے۔ آئندہ اس کے کسی قسم کے لین دین یا قول و فعل کا میں ذمہ دار نہ ہوں گا۔ کوئی شخص اس کے ساتھ لین دین کرے گا تو اپنے نفع و نقصان کا خود ذمہ دار ہوگا۔ مشتہر سکنہ ضلع مظفرآباد آزاد کشمیر
سیاست	44
اشتہار
عوام الناس کو مطلع کیا جاتا ہے کہ میرا بیٹا میری نافرمانی اور اپنی مرضی سے زندگی گزار رہا ہے، اس لیے میں نے اسے اپنی جائیداد منقولہ و غیر منقولہ سے عاق کر دیا ہے۔ آئندہ اس کے کسی قسم کے لین دین یا قول و فعل کا میں ذمہ دار نہ ہوں گا۔ کوئی شخص اس کے ساتھ لین دین کرے گا تو اپنے نفع و نقصان کا خود ذمہ دار ہوگا۔ مشتہر سکنہ ضلع مظفرآباد آزاد کشمیر اطلاع دی جاتی ہے کہ میرا شناختی کارڈ، اصل دستاویزات اور رجسٹری کے کاغذات گم ہو گئے ہیں۔ جس صاحب کو ملیں وہ برائے مہربانی دفتر روزنامہ سیاست یا متعلقہ تھانہ میں جمع کروا دیں۔ اگر کسی نے ان کا غلط استعمال کیا تو وہ خود ذمہ دار ہوگا۔ بحوالہ عدالت سول جج مظفرآباد
سیاست	45
اشتہار
اطلاع دی جاتی ہے کہ میرا شناختی کارڈ، اصل دستاویزات اور رجسٹری کے کاغذات گم ہو گئے ہیں۔ جس صاحب کو ملیں وہ برائے مہربانی دفتر روزنامہ سیاست یا متعلقہ تھانہ میں جمع کروا دیں۔ اگر کسی نے ان کا غلط استعمال کیا تو وہ خود ذمہ دار ہوگا۔ بحوالہ عدالت سول جج مظفرآباد عوام الناس کو مطلع کیا جاتا ہے کہ میرا بیٹا میری نافرمانی اور اپنی مرضی سے زندگی گزار رہا ہے، اس لیے میں نے اسے اپنی جائیداد منقولہ و غیر منقولہ سے عاق کر دیا ہے۔ آئندہ اس کے کسی قسم کے لین دین یا قول و فعل کا میں ذمہ دار نہ ہوں گا۔ کوئی شخص اس کے ساتھ لین دین کرے گا تو اپنے نفع و نقصان کا خود ذمہ دار ہوگا۔ مشتہر سکنہ ضلع مظفرآباد آزاد کشمیر
سیاست	46
اشتہار
عوام الناس کو مطلع کیا جاتا ہے کہ میرا بیٹا میری نافرمانی اور اپنی مرضی سے زندگی گزار رہا ہے، اس لیے میں نے اسے اپنی جائیداد منقولہ و غیر منقولہ سے عاق کر دیا ہے۔ آئندہ اس کے کسی قسم کے لین دین یا قول و فعل کا میں ذمہ دار نہ ہوں گا۔ کوئی شخص اس کے ساتھ لین دین کرے گا تو اپنے نفع و نقصان کا خود ذمہ دار ہوگا۔ مشتہر سکنہ ضلع مظفرآباد آزاد کشمیر اطلاع دی جاتی ہے کہ میرا شناختی کارڈ، اصل دستاویزات اور رجسٹری کے کاغذات گم ہو گئے ہیں۔ جس صاحب کو ملیں وہ برائے مہربانی دفتر روزنامہ سیاست یا متعلقہ تھانہ میں جمع کروا دیں۔ اگر کسی نے ان کا غلط استعمال کیا تو وہ خود ذمہ دار ہوگا۔ بحوالہ عدالت سول جج مظفرآباد
سیاست	47
اشتہار
اطلاع دی جاتی ہے کہ میرا شناختی کارڈ، اصل دستاویزات اور رجسٹری کے کاغذات گم ہو گئے ہیں۔ جس صاحب کو ملیں وہ برائے مہربانی دفتر روزنامہ سیاست یا متعلقہ تھانہ میں جمع کروا دیں۔ اگر کسی نے ان کا غلط استعمال کیا تو وہ خود ذمہ دار ہوگا۔ بحوالہ عدالت سول جج مظفرآباد عوام الناس کو مطلع کیا جاتا ہے کہ میرا بیٹا میری نافرمانی اور اپنی مرضی سے زندگی گزار رہا ہے، اس لیے میں نے اسے اپنی جائیداد منقولہ و غیر منقولہ سے عاق کر دیا ہے۔ آئندہ اس کے کسی قسم کے لین دین یا قول و فعل کا میں ذمہ دار نہ ہوں گا۔ کوئی شخص اس کے ساتھ لین دین کرے گا تو اپنے نفع و نقصان کا خود ذمہ دار ہوگا۔ مشتہر سکنہ ضلع مظفرآباد آزاد کشمیر
سیاست	48
اشتہار
اطلاع دی جاتی ہے کہ میرا شناختی کارڈ، اصل دستاویزات اور رجسٹری کے کاغذات گم ہو گئے ہیں۔ جس صاحب کو ملیں وہ برائے مہربانی دفتر روزنامہ سیاست یا متعلقہ تھانہ میں جمع کروا دیں۔ اگر کسی نے ان کا غلط استعمال کیا تو وہ خود ذمہ دار ہوگا۔ بحوالہ عدالت سول جج مظفرآباد عوام الناس کو مطلع کیا جاتا ہے کہ میرا بیٹا میری نافرمانی اور اپنی مرضی سے زندگی گزار رہا ہے، اس لیے میں نے اسے اپنی جائیداد منقولہ و غیر منقولہ سے عاق کر دیا ہے۔ آئندہ اس کے کسی قسم کے لین دین یا قول و فعل کا میں ذمہ دار نہ ہوں گا۔ کوئی شخص اس کے ساتھ لین دین کرے گا تو اپنے نفع و نقصان کا خود ذمہ دار ہوگا۔ مشتہر سکنہ ضلع مظفرآباد آزاد کشمیر
سیاست	49
اشتہار
عوام الناس کو مطلع کیا جاتا ہے کہ میرا بیٹا میری نافرمانی اور اپنی مرضی سے زندگی گزار رہا ہے، اس لیے میں نے اسے اپنی جائیداد منقولہ و غیر منقولہ سے عاق کر دیا ہے۔ آئندہ اس کے کسی قسم کے لین دین یا قول و فعل کا میں ذمہ دار نہ ہوں گا۔ کوئی شخص اس کے ساتھ لین دین کرے گا تو اپنے نفع و نقصان کا خود ذمہ دار ہوگا۔ مشتہر سکنہ ضلع مظفرآباد آزاد کشمیر اطلاع دی جاتی ہے کہ میرا شناختی کارڈ، اصل دستاویزات اور رجسٹری کے کاغذات گم ہو گئے ہیں۔ جس صاحب کو ملیں وہ برائے مہربانی دفتر روزنامہ سیاست یا متعلقہ تھانہ میں جمع کروا دیں۔ اگر کسی نے ان کا غلط استعمال کیا تو وہ خود ذمہ دار ہوگا۔ بحوالہ عدالت سول جج مظفرآباد
سیاست	50
اشتہار
اطلاع دی جاتی ہے کہ میرا شناختی کارڈ، اصل دستاویزات اور رجسٹری کے کاغذات گم ہو گئے ہیں۔ جس صاحب کو ملیں وہ برائے مہربانی دفتر روزنامہ سیاست یا متعلقہ تھانہ میں جمع کروا دیں۔ اگر کسی نے ان کا غلط استعمال کیا تو وہ خود ذمہ دار ہوگا۔ بحوالہ عدالت سول جج مظفرآباد عوام الناس کو مطلع کیا جاتا ہے کہ میرا بیٹا میری نافرمانی اور اپنی مرضی سے زندگی گزار رہا ہے، اس لیے میں نے اسے اپنی جائیداد منقولہ و غیر منقولہ سے عاق کر دیا ہے۔ آئندہ اس کے کسی قسم کے لین دین یا قول و فعل کا میں ذمہ دار نہ ہوں گا۔ کوئی شخص اس کے ساتھ لین دین کرے گا تو اپنے نفع و نقصان کا خود ذمہ دار ہوگا۔ مشتہر سکنہ ضلع مظفرآباد آزاد کشمیر
سیاست	51
اشتہار
عوام الناس کو مطلع کیا جاتا ہے کہ میرا بیٹا میری نافرمانی اور اپنی مرضی سے زندگی گزار رہا ہے، اس لیے میں نے اسے اپنی جائیداد منقولہ و غیر منقولہ سے عاق کر دیا ہے۔ آئندہ اس کے کسی قسم کے لین دین یا قول و فعل کا میں ذمہ دار نہ ہوں گا۔ کوئی شخص اس کے ساتھ لین دین کرے گا تو اپنے نفع و نقصان کا خود ذمہ دار ہوگا۔ مشتہر سکنہ ضلع مظفرآباد آزاد کشمیر اطلاع دی جاتی ہے کہ میرا شناختی کارڈ، اصل دستاویزات اور رجسٹری کے کاغذات گم ہو گئے ہیں۔ جس صاحب کو ملیں وہ برائے مہربانی دفتر روزنامہ سیاست یا متعلقہ تھانہ میں جمع کروا دیں۔ اگر کسی نے ان کا غلط استعمال کیا تو وہ خود ذمہ دار ہوگا۔ بحوالہ عدالت سول جج مظفرآباد
سیاست	52
اشتہار
اطلاع دی جاتی ہے کہ میرا شناختی کارڈ، اصل دستاویزات اور رجسٹری کے کاغذات گم ہو گئے ہیں۔ جس صاحب کو ملیں وہ برائے مہربانی دفتر روزنامہ سیاست یا متعلقہ تھانہ میں جمع کروا دیں۔ اگر کسی نے ان کا غلط استعمال کیا تو وہ خود ذمہ دار ہوگا۔ بحوالہ عدالت سول جج مظفرآباد عوام الناس کو مطلع کیا جاتا ہے کہ میرا بیٹا میری نافرمانی اور اپنی مرضی سے زندگی گزار رہا ہے، اس لیے میں نے اسے اپنی جائیداد منقولہ و غیر منقولہ سے عاق کر دیا ہے۔ آئندہ اس کے کسی قسم کے لین دین یا قول و فعل کا میں ذمہ دار نہ ہوں گا۔ کوئی شخص اس کے ساتھ لین دین کرے گا تو اپنے نفع و نقصان کا خود ذمہ دار ہوگا۔ مشتہر سکنہ ضلع مظفرآباد آزاد کشمیر
سیاست	53
اشتہار
عوام الناس کو مطلع کیا جاتا ہے کہ میرا بیٹا میری نافرمانی اور اپنی مرضی سے زندگی گزار رہا ہے، اس لیے میں نے اسے اپنی جائیداد منقولہ و غیر منقولہ سے عاق کر دیا ہے۔ آئندہ اس کے کسی قسم کے لین دین یا قول و فعل کا میں ذمہ دار نہ ہوں گا۔ کوئی شخص اس کے ساتھ لین دین کرے گا تو اپنے نفع و نقصان کا خود ذمہ دار ہوگا۔ مشتہر سکنہ ضلع مظفرآباد آزاد کشمیر اطلاع دی جاتی ہے کہ میرا شناختی کارڈ، اصل دستاویزات اور رجسٹری کے کاغذات گم ہو گئے ہیں۔ جس صاحب کو ملیں وہ برائے مہربانی دفتر روزنامہ سیاست یا متعلقہ تھانہ میں جمع کروا دیں۔ اگر کسی نے ان کا غلط استعمال کیا تو وہ خود ذمہ دار ہوگا۔ بحوالہ عدالت سول جج مظفرآباد
سیاست	54
اشتہار
اطلاع دی جاتی ہے کہ میرا شناختی کارڈ، اصل دستاویزات اور رجسٹری کے کاغذات گم ہو گئے ہیں۔ جس صاحب کو ملیں وہ برائے مہربانی دفتر روزنامہ سیاست یا متعلقہ تھانہ میں جمع کروا دیں۔ اگر کسی نے ان کا غلط استعمال کیا تو وہ خود ذمہ دار ہوگا۔ بحوالہ عدالت سول جج مظفرآباد عوام الناس کو مطلع کیا جاتا ہے کہ میرا بیٹا میری نافرمانی اور اپنی مرضی سے زندگی گزار رہا ہے، اس لیے میں نے اسے اپنی جائیداد منقولہ و غیر منقولہ سے عاق کر دیا ہے۔ آئندہ اس کے کسی قسم کے لین دین یا قول و فعل کا میں ذمہ دار نہ ہوں گا۔ کوئی شخص اس کے ساتھ لین دین کرے گا تو اپنے نفع و نقصان کا خود ذمہ دار ہوگا۔ مشتہر سکنہ ضلع مظفرآباد آزاد کشمیر
سیاست	55
اشتہار
عوام الناس کو مطلع کیا جاتا ہے کہ میرا بیٹا میری نافرمانی اور اپنی مرضی سے زندگی گزار رہا ہے، اس لیے میں نے اسے اپنی جائیداد منقولہ و غیر منقولہ سے عاق کر دیا ہے۔ آئندہ اس کے کسی قسم کے لین دین یا قول و فعل کا میں ذمہ دار نہ ہوں گا۔ کوئی شخص اس کے ساتھ لین دین کرے گا تو اپنے نفع و نقصان کا خود ذمہ دار ہوگا۔ مشتہر سکنہ ضلع مظفرآباد آزاد کشمیر اطلاع دی جاتی ہے کہ میرا شناختی کارڈ، اصل دستاویزات اور رجسٹری کے کاغذات گم ہو گئے ہیں۔ جس صاحب کو ملیں وہ
سیاست	56
اشتہار
اطلاع دی جاتی ہے کہ میرا شناختی کارڈ، اصل دستاویزات اور رجسٹری کے کاغذات گم ہو گئے ہیں۔ جس صاحب کو ملیں وہ برائے مہربانی دفتر روزنامہ سیاست یا متعلقہ تھانہ میں جمع کروا دیں۔ اگر کسی نے ان کا غلط استعمال کیا تو وہ خود ذمہ دار ہوگا۔ بحوالہ عدالت سول جج مظفرآباد عوام الناس کو مطلع کیا جاتا ہے کہ میرا بیٹا میری نافرمانی اور اپنی مرضی سے زندگی گزار رہا ہے، اس لیے میں نے اسے اپنی جائیداد منقولہ و غیر منقولہ سے عاق کر دیا ہے۔ آئندہ اس کے کسی قسم کے لین دین یا قول
سیاست	57
اشتہار
عوام الناس کو مطلع کیا جاتا ہے کہ میرا بیٹا میری نافرمانی اور اپنی مرضی سے زندگی گزار رہا ہے، اس لیے میں نے اسے اپنی جائیداد منقولہ و غیر منقولہ سے عاق کر دیا ہے۔ آئندہ اس کے کسی قسم کے لین دین یا قول و فعل کا میں ذمہ دار نہ ہوں گا۔ کوئی شخص اس کے ساتھ لین دین کرے گا تو اپنے نفع و نقصان کا خود ذمہ دار ہوگا۔ مشتہر سکنہ ضلع مظفرآباد آزاد کشمیر اطلاع دی جاتی ہے کہ میرا شناختی کارڈ، اصل دستاویزات اور رجسٹری کے کاغذات گم ہو گئے ہیں۔ جس صاحب کو ملیں وہ
سیاست	58
اشتہار
اطلاع دی جاتی ہے کہ میرا شناختی کارڈ، اصل دستاویزات اور رجسٹری کے کاغذات گم ہو گئے ہیں۔ جس صاحب کو ملیں وہ برائے مہربانی دفتر روزنامہ سیاست یا متعلقہ تھانہ میں جمع کروا دیں۔ اگر کسی نے ان کا غلط استعمال کیا تو وہ خود ذمہ دار ہوگا۔ بحوالہ عدالت سول جج مظفرآباد عوام الناس کو مطلع کیا جاتا ہے کہ میرا بیٹا میری نافرمانی اور اپنی مرضی سے زندگی گزار رہا ہے، اس لیے میں نے اسے اپنی جائیداد منقولہ و غیر منقولہ سے عاق کر دیا ہے۔ آئندہ اس کے کسی قسم کے لین دین یا قول
سیاست	59
اشتہار
عوام الناس کو مطلع کیا جاتا ہے کہ میرا بیٹا میری نافرمانی اور اپنی مرضی سے زندگی گزار رہا ہے، اس لیے میں نے اسے اپنی جائیداد منقولہ و غیر منقولہ سے عاق کر دیا ہے۔ آئندہ اس کے کسی قسم کے لین دین یا قول و فعل کا میں ذمہ دار نہ ہوں گا۔ کوئی شخص اس کے ساتھ لین دین کرے گا تو اپنے نفع و نقصان کا خود ذمہ دار ہوگا۔ مشتہر سکنہ ضلع مظفرآباد آزاد کشمیر اطلاع دی جاتی ہے کہ میرا شناختی کارڈ، اصل دستاویزات اور رجسٹری کے کاغذات گم ہو گئے ہیں۔ جس صاحب کو ملیں وہ
سیاست	60
اشتہار
اطلاع دی جاتی ہے کہ میرا شناختی کارڈ، اصل دستاویزات اور رجسٹری کے کاغذات گم ہو گئے ہیں۔ جس صاحب کو ملیں وہ برائے مہربانی دفتر روزنامہ سیاست یا متعلقہ تھانہ میں جمع کروا دیں۔ اگر کسی نے ان کا غلط استعمال کیا تو وہ خود ذمہ دار ہوگا۔ بحوالہ عدالت سول جج مظفرآباد عوام الناس کو مطلع کیا جاتا ہے کہ میرا بیٹا میری نافرمانی اور اپنی مرضی سے زندگی گزار رہا ہے، اس لیے میں نے اسے اپنی جائیداد منقولہ و غیر منقولہ سے عاق کر دیا ہے۔ آئندہ اس کے کسی قسم کے لین دین یا قول
سیاست	61
اشتہار
عوام الناس کو مطلع کیا جاتا ہے کہ میرا بیٹا میری نافرمانی اور اپنی مرضی سے زندگی گزار رہا ہے، اس لیے میں نے اسے اپنی جائیداد منقولہ و غیر منقولہ سے عاق کر دیا ہے۔ آئندہ اس کے کسی قسم کے لین دین یا قول و فعل کا میں ذمہ دار نہ ہوں گا۔ کوئی شخص اس کے ساتھ لین دین کرے گا تو اپنے نفع و نقصان کا خود ذمہ دار ہوگا۔ مشتہر سکنہ ضلع مظفرآباد آزاد کشمیر اطلاع دی جاتی ہے کہ میرا شناختی کارڈ، اصل دستاویزات اور رجسٹری کے کاغذات گم ہو گئے ہیں۔ جس صاحب کو ملیں وہ
سیاست	62
اشتہار
اطلاع دی جاتی ہے کہ میرا شناختی کارڈ، اصل دستاویزات اور رجسٹری کے کاغذات گم ہو گئے ہیں۔ جس صاحب کو ملیں وہ برائے مہربانی دفتر روزنامہ سیاست یا متعلقہ تھانہ میں جمع کروا دیں۔ اگر کسی نے ان کا غلط استعمال کیا تو وہ خود ذمہ دار ہوگا۔ بحوالہ عدالت سول جج مظفرآباد عوام الناس کو مطلع کیا جاتا ہے کہ میرا بیٹا میری نافرمانی اور اپنی مرضی سے زندگی گزار رہا ہے، اس لیے میں نے اسے اپنی جائیداد منقولہ و غیر منقولہ سے عاق کر دیا ہے۔ آئندہ اس کے کسی قسم کے لین دین یا قول
سیاست	63
اشتہار
عوام الناس کو مطلع کیا جاتا ہے کہ میرا بیٹا میری نافرمانی اور اپنی مرضی سے زندگی گزار رہا ہے، اس لیے میں نے اسے اپنی جائیداد منقولہ و غیر منقولہ سے عاق کر دیا ہے۔ آئندہ اس کے کسی قسم کے لین دین یا قول و فعل کا میں ذمہ دار نہ ہوں گا۔ کوئی شخص اس کے ساتھ لین دین کرے گا تو اپنے نفع و نقصان کا خود ذمہ دار ہوگا۔ مشتہر سکنہ ضلع مظفرآباد آزاد کشمیر اطلاع دی جاتی ہے کہ میرا شناختی کارڈ، اصل دستاویزات اور رجسٹری کے کاغذات گم ہو گئے ہیں۔ جس صاحب کو ملیں وہ
سیاست	64
اشتہار
اطلاع دی جاتی ہے کہ میرا شناختی کارڈ، اصل دستاویزات اور رجسٹری کے کاغذات گم ہو گئے ہیں۔ جس صاحب کو ملیں وہ برائے مہربانی دفتر روزنامہ سیاست یا متعلقہ تھانہ میں جمع کروا دیں۔ اگر کسی نے ان کا غلط استعمال کیا تو وہ خود ذمہ دار ہوگا۔ بحوالہ عدالت سول جج مظفرآباد عوام الناس کو مطلع کیا جاتا ہے کہ میرا بیٹا میری نافرمانی اور اپنی مرضی سے زندگی گزار رہا ہے، اس لیے میں نے اسے اپنی جائیداد منقولہ و غیر منقولہ سے عاق کر دیا ہے۔ آئندہ اس کے کسی قسم کے لین دین یا قول
سیاست	65
اشتہار
عوام الناس کو مطلع کیا جاتا ہے کہ میرا بیٹا میری نافرمانی اور اپنی مرضی سے زندگی گزار رہا ہے، اس لیے میں نے اسے اپنی جائیداد منقولہ و غیر منقولہ سے عاق کر دیا ہے۔ آئندہ اس کے کسی قسم کے لین دین یا قول و فعل کا میں ذمہ دار نہ ہوں گا۔ کوئی شخص اس کے ساتھ لین دین کرے گا تو اپنے نفع و نقصان کا خود ذمہ دار ہوگا۔ مشتہر سکنہ ضلع مظفرآباد آزاد کشمیر اطلاع دی جاتی ہے کہ میرا شناختی کارڈ، اصل دستاویزات اور رجسٹری کے کاغذات گم ہو گئے ہیں۔ جس صاحب کو ملیں وہ
سیاست	66
اشتہار
اطلاع دی جاتی ہے کہ میرا شناختی کارڈ، اصل دستاویزات اور رجسٹری کے کاغذات گم ہو گئے ہیں۔ جس صاحب کو ملیں وہ برائے مہربانی دفتر روزنامہ سیاست یا متعلقہ تھانہ میں جمع کروا دیں۔ اگر کسی نے ان کا غلط استعمال کیا تو وہ خود ذمہ دار ہوگا۔ بحوالہ عدالت سول جج مظفرآباد عوام الناس کو مطلع کیا جاتا ہے کہ میرا بیٹا میری نافرمانی اور اپنی مرضی سے زندگی گزار رہا ہے، اس لیے میں نے اسے اپنی جائیداد منقولہ و غیر منقولہ سے عاق کر دیا ہے۔ آئندہ اس کے کسی قسم کے لین دین یا قول
سیاست	67
اشتہار
عوام الناس کو مطلع کیا جاتا ہے کہ میرا بیٹا میری نافرمانی اور اپنی مرضی سے زندگی گزار رہا ہے، اس لیے میں نے اسے اپنی جائیداد منقولہ و غیر منقولہ سے عاق کر دیا ہے۔ آئندہ اس کے کسی قسم کے لین دین یا قول و فعل کا میں ذمہ دار نہ ہوں گا۔ کوئی شخص اس کے ساتھ لین دین کرے گا تو اپنے نفع و نقصان کا خود ذمہ دار ہوگا۔ مشتہر سکنہ ضلع مظفرآباد آزاد کشمیر اطلاع دی جاتی ہے کہ میرا شناختی کارڈ، اصل دستاویزات اور رجسٹری کے کاغذات گم ہو گئے ہیں۔ جس صاحب کو ملیں وہ
سیاست	68
اشتہار
اطلاع دی جاتی ہے کہ میرا شناختی کارڈ، اصل دستاویزات اور رجسٹری کے کاغذات گم ہو گئے ہیں۔ جس صاحب کو ملیں وہ برائے مہربانی دفتر روزنامہ سیاست یا متعلقہ تھانہ میں جمع کروا دیں۔ اگر کسی نے ان کا غلط استعمال کیا تو وہ خود ذمہ دار ہوگا۔ بحوالہ عدالت سول جج مظفرآباد عوام الناس کو مطلع کیا جاتا ہے کہ میرا بیٹا میری نافرمانی اور اپنی مرضی سے زندگی گزار رہا ہے، اس لیے میں نے اسے اپنی جائیداد منقولہ و غیر منقولہ سے عاق کر دیا ہے۔ آئندہ اس کے کسی قسم کے لین دین یا قول
سیاست	69
اشتہار
عوام الناس کو مطلع کیا جاتا ہے کہ میرا بیٹا میری نافرمانی اور اپنی مرضی سے زندگی گزار رہا ہے، اس لیے میں نے اسے اپنی جائیداد منقولہ و غیر منقولہ سے عاق کر دیا ہے۔ آئندہ اس کے کسی قسم کے لین دین یا قول و فعل کا میں ذمہ دار نہ ہوں گا۔ کوئی شخص اس کے ساتھ لین دین کرے گا تو اپنے نفع و نقصان کا خود ذمہ دار ہوگا۔ مشتہر سکنہ ضلع مظفرآباد آزاد کشمیر اطلاع دی جاتی ہے کہ میرا شناختی کارڈ، اصل دستاویزات اور رجسٹری کے کاغذات گم ہو گئے ہیں۔ جس صاحب کو ملیں وہ
سیاست	70
اشتہار
اطلاع دی جاتی ہے کہ میرا شناختی کارڈ، اصل دستاویزات اور رجسٹری کے کاغذات گم ہو گئے ہیں۔ جس صاحب کو ملیں وہ برائے مہربانی دفتر روزنامہ سیاست یا متعلقہ تھانہ میں جمع کروا دیں۔ اگر کسی نے ان کا غلط استعمال کیا تو وہ خود ذمہ دار ہوگا۔ بحوالہ عدالت سول جج مظفرآباد عوام الناس کو مطلع کیا جاتا ہے کہ میرا بیٹا میری نافرمانی اور اپنی مرضی سے زندگی گزار رہا ہے، اس لیے میں نے اسے اپنی جائیداد منقولہ و غیر منقولہ سے عاق کر دیا ہے۔ آئندہ اس کے کسی قسم کے لین دین یا قول
سیاست	71
اشتہار
عوام الناس کو مطلع کیا جاتا ہے کہ میرا بیٹا میری نافرمانی اور اپنی مرضی سے زندگی گزار رہا ہے، اس لیے میں نے اسے اپنی جائیداد منقولہ و غیر منقولہ سے عاق کر دیا ہے۔ آئندہ اس کے کسی قسم کے لین دین یا قول و فعل کا میں ذمہ دار نہ ہوں گا۔ کوئی شخص اس کے ساتھ لین دین کرے گا تو اپنے نفع و نقصان کا خود ذمہ دار ہوگا۔ مشتہر سکنہ ضلع مظفرآباد آزاد کشمیر اطلاع دی جاتی ہے کہ میرا شناختی کارڈ، اصل دستاویزات اور رجسٹری کے کاغذات گم ہو گئے ہیں۔ جس صاحب کو ملیں وہ
سیاست	72
اشتہار
اطلاع دی جاتی ہے کہ میرا شناختی کارڈ، اصل دستاویزات اور رجسٹری کے کاغذات گم ہو گئے ہیں۔ جس صاحب کو ملیں وہ برائے مہربانی دفتر روزنامہ سیاست یا متعلقہ تھانہ میں جمع کروا دیں۔ اگر کسی نے ان کا غلط استعمال کیا تو وہ خود ذمہ دار ہوگا۔ بحوالہ عدالت سول جج مظفرآباد عوام الناس کو مطلع کیا جاتا ہے کہ میرا بیٹا میری نافرمانی اور اپنی مرضی سے زندگی گزار رہا ہے، اس لیے میں نے اسے اپنی جائیداد منقولہ و غیر منقولہ سے عاق کر دیا ہے۔ آئندہ اس کے کسی قسم کے لین دین یا قول
سیاست	73
اشتہار
عوام الناس کو مطلع کیا جاتا ہے کہ میرا بیٹا میری نافرمانی اور اپنی مرضی سے زندگی گزار رہا ہے، اس لیے میں نے اسے اپنی جائیداد منقولہ و غیر منقولہ سے عاق کر دیا ہے۔ آئندہ اس کے کسی قسم کے لین دین یا قول و فعل کا میں ذمہ دار نہ ہوں گا۔ کوئی شخص اس کے ساتھ لین دین کرے گا تو اپنے نفع و نقصان کا خود ذمہ دار ہوگا۔ مشتہر سکنہ ضلع مظفرآباد آزاد کشمیر اطلاع دی جاتی ہے کہ میرا شناختی کارڈ، اصل دستاویزات اور رجسٹری کے کاغذات گم ہو گئے ہیں۔ جس صاحب کو ملیں وہ
سیاست	74
اشتہار
اطلاع دی جاتی ہے کہ میرا شناختی کارڈ، اصل دستاویزات اور رجسٹری کے کاغذات گم ہو گئے ہیں۔ جس صاحب کو ملیں وہ برائے مہربانی دفتر روزنامہ سیاست یا متعلقہ تھانہ میں جمع کروا دیں۔ اگر کسی نے ان کا غلط استعمال کیا تو وہ خود ذمہ دار ہوگا۔ بحوالہ عدالت سول جج مظفرآباد عوام الناس کو مطلع کیا جاتا ہے کہ میرا بیٹا میری نافرمانی اور اپنی مرضی سے زندگی گزار رہا ہے، اس لیے میں نے اسے اپنی جائیداد منقولہ و غیر منقولہ سے عاق کر دیا ہے۔ آئندہ اس کے کسی قسم کے لین دین یا قول
سیاست	75
اشتہار
عوام الناس کو مطلع کیا جاتا ہے کہ میرا بیٹا میری نافرمانی اور اپنی مرضی سے زندگی گزار رہا ہے، اس لیے میں نے اسے اپنی جائیداد منقولہ و غیر منقولہ سے عاق کر دیا ہے۔ آئندہ اس کے کسی قسم کے لین دین یا قول و فعل کا میں ذمہ دار نہ ہوں گا۔ کوئی شخص اس کے ساتھ لین دین کرے گا تو اپنے نفع و نقصان کا خود ذمہ دار ہوگا۔ مشتہر سکنہ ضلع مظفرآباد آزاد کشمیر اطلاع دی جاتی ہے کہ میرا شناختی کارڈ، اصل دستاویزات اور رجسٹری کے کاغذات گم ہو گئے ہیں۔ جس صاحب کو ملیں وہ
سیاست	76
اشتہار
اطلاع دی جاتی ہے کہ میرا شناختی کارڈ، اصل دستاویزات اور رجسٹری کے کاغذات گم ہو گئے ہیں۔ جس صاحب کو ملیں وہ برائے مہربانی دفتر روزنامہ سیاست یا متعلقہ تھانہ میں جمع کروا دیں۔ اگر کسی نے ان کا غلط استعمال کیا تو وہ خود ذمہ دار ہوگا۔ بحوالہ عدالت سول جج مظفرآباد عوام الناس کو مطلع کیا جاتا ہے کہ میرا بیٹا میری نافرمانی اور اپنی مرضی سے زندگی گزار رہا ہے، اس لیے میں نے اسے اپنی جائیداد منقولہ و غیر منقولہ سے عاق کر دیا ہے۔ آئندہ اس کے کسی قسم کے لین دین یا قول
روزنامہ سیاست	روزنامہ سیاست	روزنامہ سیاست	روزنامہ سیاست	روزنامہ سیاست	روزنامہ سیاست
